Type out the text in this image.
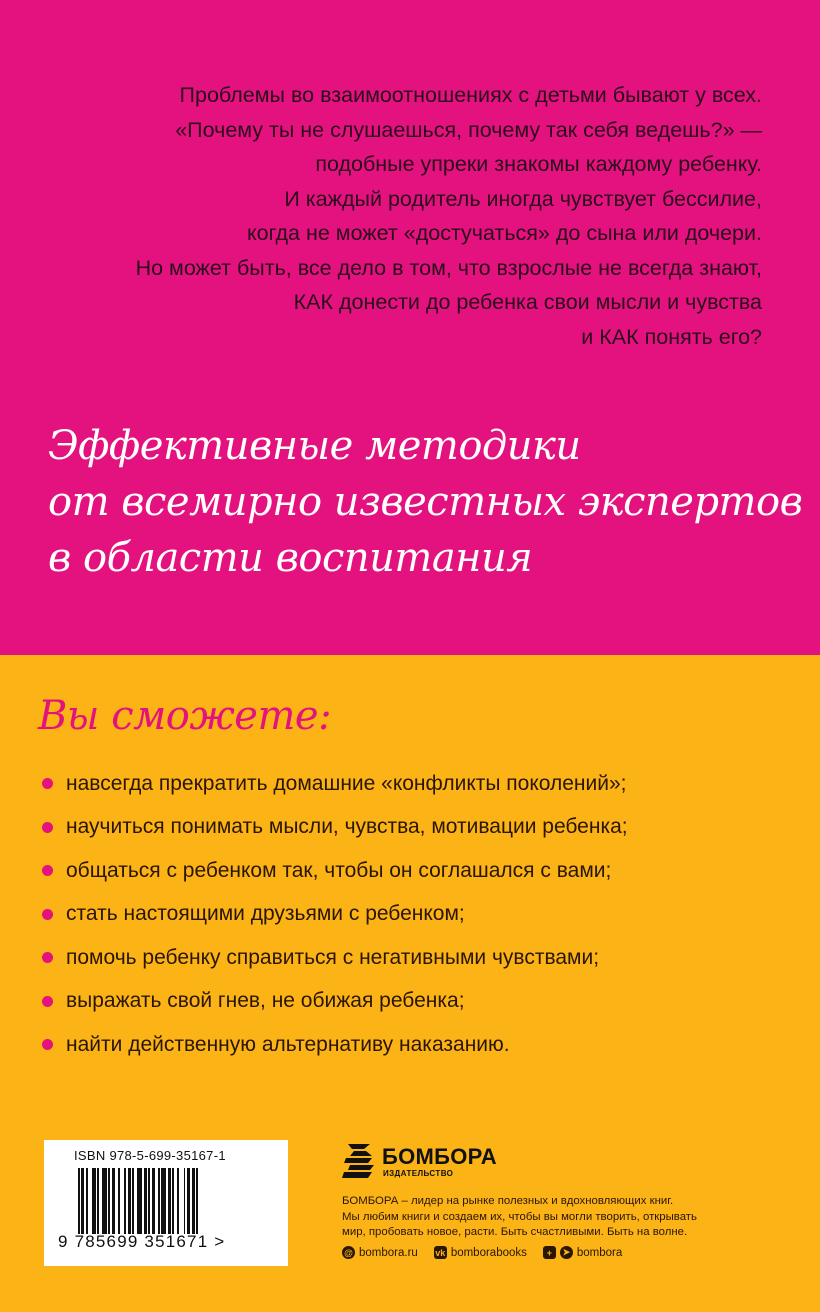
Проблемы во взаимоотношениях с детьми бывают у всех.
«Почему ты не слушаешься, почему так себя ведешь?» —
подобные упреки знакомы каждому ребенку.
И каждый родитель иногда чувствует бессилие,
когда не может «достучаться» до сына или дочери.
Но может быть, все дело в том, что взрослые не всегда знают,
КАК донести до ребенка свои мысли и чувства
и КАК понять его?
Эффективные методики
от всемирно известных экспертов
в области воспитания
Вы сможете:
навсегда прекратить домашние «конфликты поколений»;
научиться понимать мысли, чувства, мотивации ребенка;
общаться с ребенком так, чтобы он соглашался с вами;
стать настоящими друзьями с ребенком;
помочь ребенку справиться с негативными чувствами;
выражать свой гнев, не обижая ребенка;
найти действенную альтернативу наказанию.
ISBN 978-5-699-35167-1
9 785699 351671 >
БОМБОРА
ИЗДАТЕЛЬСТВО
БОМБОРА – лидер на рынке полезных и вдохновляющих книг.
Мы любим книги и создаем их, чтобы вы могли творить, открывать
мир, пробовать новое, расти. Быть счастливыми. Быть на волне.
@ bombora.ru vk bomborabooks	+	➤ bombora
